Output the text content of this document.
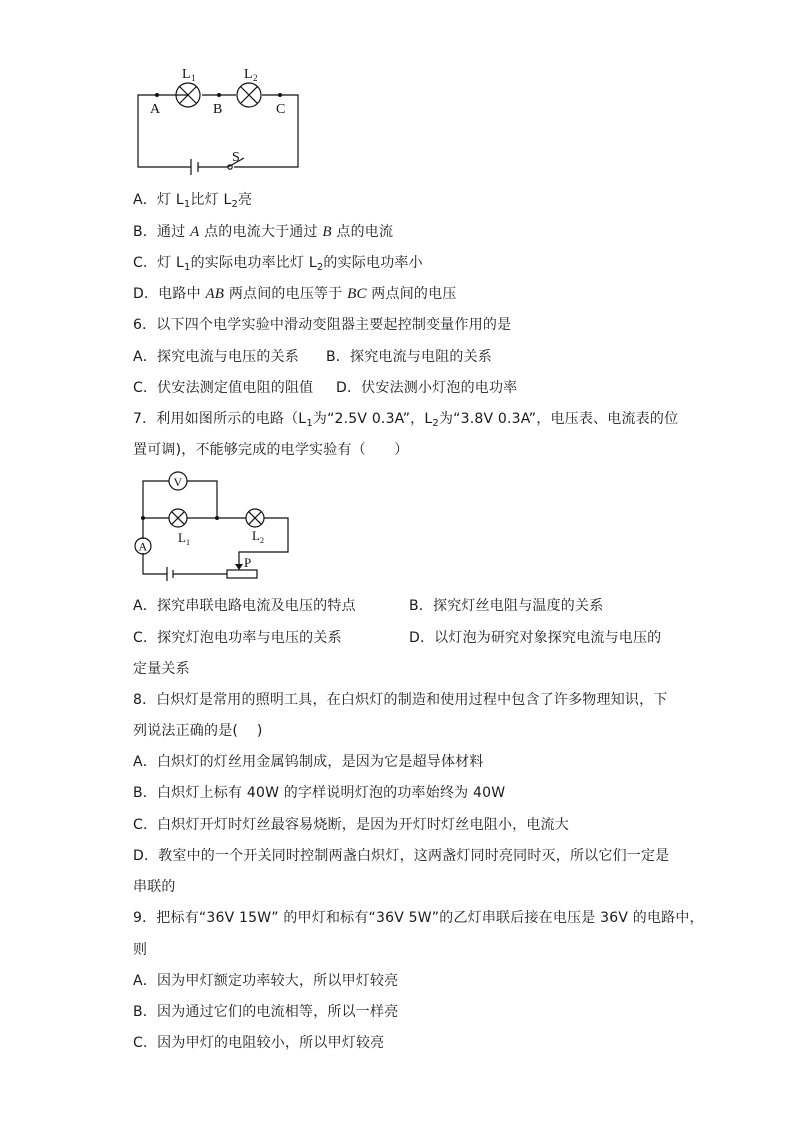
L 1	L 2
A	B	C
S
A．灯 $L_1$比灯 $L_2$亮
B．通过 A 点的电流大于通过 B 点的电流
C．灯 $L_1$的实际电功率比灯 $L_2$的实际电功率小
D．电路中 AB 两点间的电压等于 BC 两点间的电压
6．以下四个电学实验中滑动变阻器主要起控制变量作用的是
A．探究电流与电压的关系 B．探究电流与电阻的关系
C．伏安法测定值电阻的阻值 D．伏安法测小灯泡的电功率
7．利用如图所示的电路（$L_1$为“2.5V 0.3A”，$L_2$为“3.8V 0.3A”，电压表、电流表的位
置可调)，不能够完成的电学实验有（　　）
V
A
L 1	L 2
P
A．探究串联电路电流及电压的特点	B．探究灯丝电阻与温度的关系
C．探究灯泡电功率与电压的关系	D．以灯泡为研究对象探究电流与电压的
定量关系
8．白炽灯是常用的照明工具，在白炽灯的制造和使用过程中包含了许多物理知识，下
列说法正确的是(　 )
A．白炽灯的灯丝用金属钨制成，是因为它是超导体材料
B．白炽灯上标有 40W 的字样说明灯泡的功率始终为 40W
C．白炽灯开灯时灯丝最容易烧断，是因为开灯时灯丝电阻小，电流大
D．教室中的一个开关同时控制两盏白炽灯，这两盏灯同时亮同时灭，所以它们一定是
串联的
9．把标有“36V 15W” 的甲灯和标有“36V 5W”的乙灯串联后接在电压是 36V 的电路中，
则
A．因为甲灯额定功率较大，所以甲灯较亮
B．因为通过它们的电流相等，所以一样亮
C．因为甲灯的电阻较小，所以甲灯较亮
